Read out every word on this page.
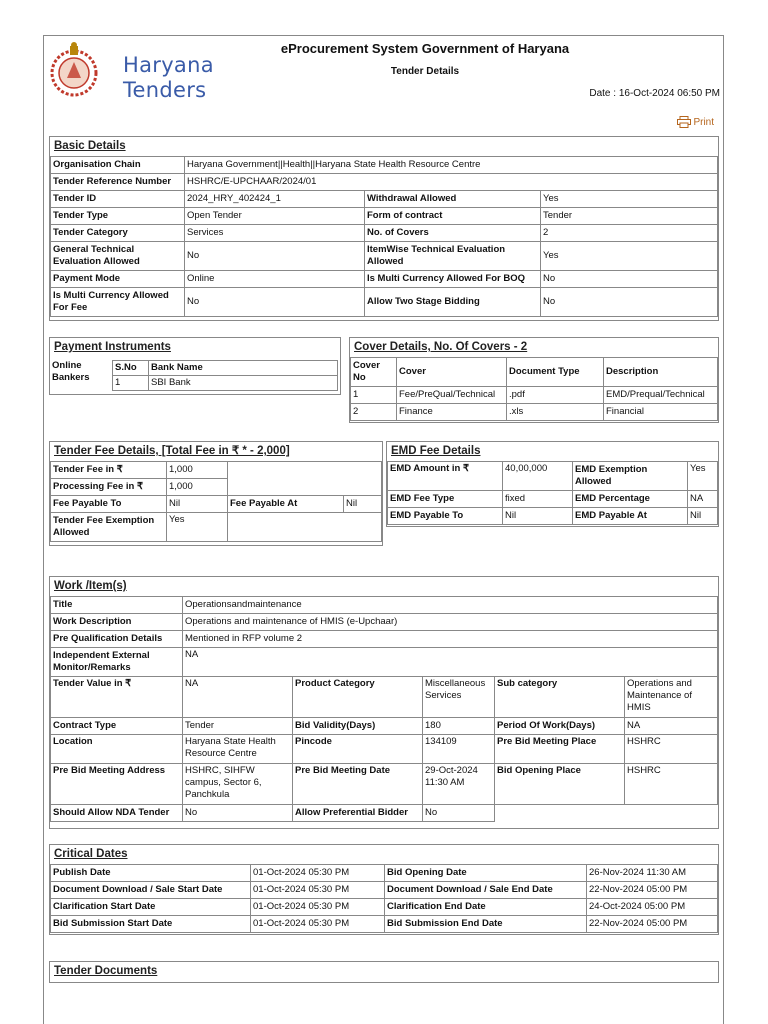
Haryana
Tenders
eProcurement System Government of Haryana
Tender Details
Date : 16-Oct-2024 06:50 PM
Print
Basic Details
Organisation Chain	Haryana Government||Health||Haryana State Health Resource Centre		
Tender Reference Number	HSHRC/E-UPCHAAR/2024/01		
Tender ID	2024_HRY_402424_1	Withdrawal Allowed	Yes
Tender Type	Open Tender	Form of contract	Tender
Tender Category	Services	No. of Covers	2
General Technical Evaluation Allowed	No	ItemWise Technical Evaluation Allowed	Yes
Payment Mode	Online	Is Multi Currency Allowed For BOQ	No
Is Multi Currency Allowed For Fee	No	Allow Two Stage Bidding	No
Payment Instruments
Online Bankers
S.No	Bank Name
1	SBI Bank
Cover Details, No. Of Covers - 2
Cover No	Cover	Document Type	Description
1	Fee/PreQual/Technical	.pdf	EMD/Prequal/Technical
2	Finance	.xls	Financial
Tender Fee Details, [Total Fee in ₹ * - 2,000]
Tender Fee in ₹	1,000		
Processing Fee in ₹	1,000		
Fee Payable To	Nil	Fee Payable At	Nil
Tender Fee Exemption Allowed	Yes		
EMD Fee Details
EMD Amount in ₹	40,00,000	EMD Exemption Allowed	Yes
EMD Fee Type	fixed	EMD Percentage	NA
EMD Payable To	Nil	EMD Payable At	Nil
Work /Item(s)
Title	Operationsandmaintenance				
Work Description	Operations and maintenance of HMIS (e-Upchaar)				
Pre Qualification Details	Mentioned in RFP volume 2				
Independent External Monitor/Remarks	NA				
Tender Value in ₹	NA	Product Category	Miscellaneous Services	Sub category	Operations and Maintenance of HMIS
Contract Type	Tender	Bid Validity(Days)	180	Period Of Work(Days)	NA
Location	Haryana State Health Resource Centre	Pincode	134109	Pre Bid Meeting Place	HSHRC
Pre Bid Meeting Address	HSHRC, SIHFW campus, Sector 6, Panchkula	Pre Bid Meeting Date	29-Oct-2024 11:30 AM	Bid Opening Place	HSHRC
Should Allow NDA Tender	No	Allow Preferential Bidder	No		
Critical Dates
Publish Date	01-Oct-2024 05:30 PM	Bid Opening Date	26-Nov-2024 11:30 AM
Document Download / Sale Start Date	01-Oct-2024 05:30 PM	Document Download / Sale End Date	22-Nov-2024 05:00 PM
Clarification Start Date	01-Oct-2024 05:30 PM	Clarification End Date	24-Oct-2024 05:00 PM
Bid Submission Start Date	01-Oct-2024 05:30 PM	Bid Submission End Date	22-Nov-2024 05:00 PM
Tender Documents
